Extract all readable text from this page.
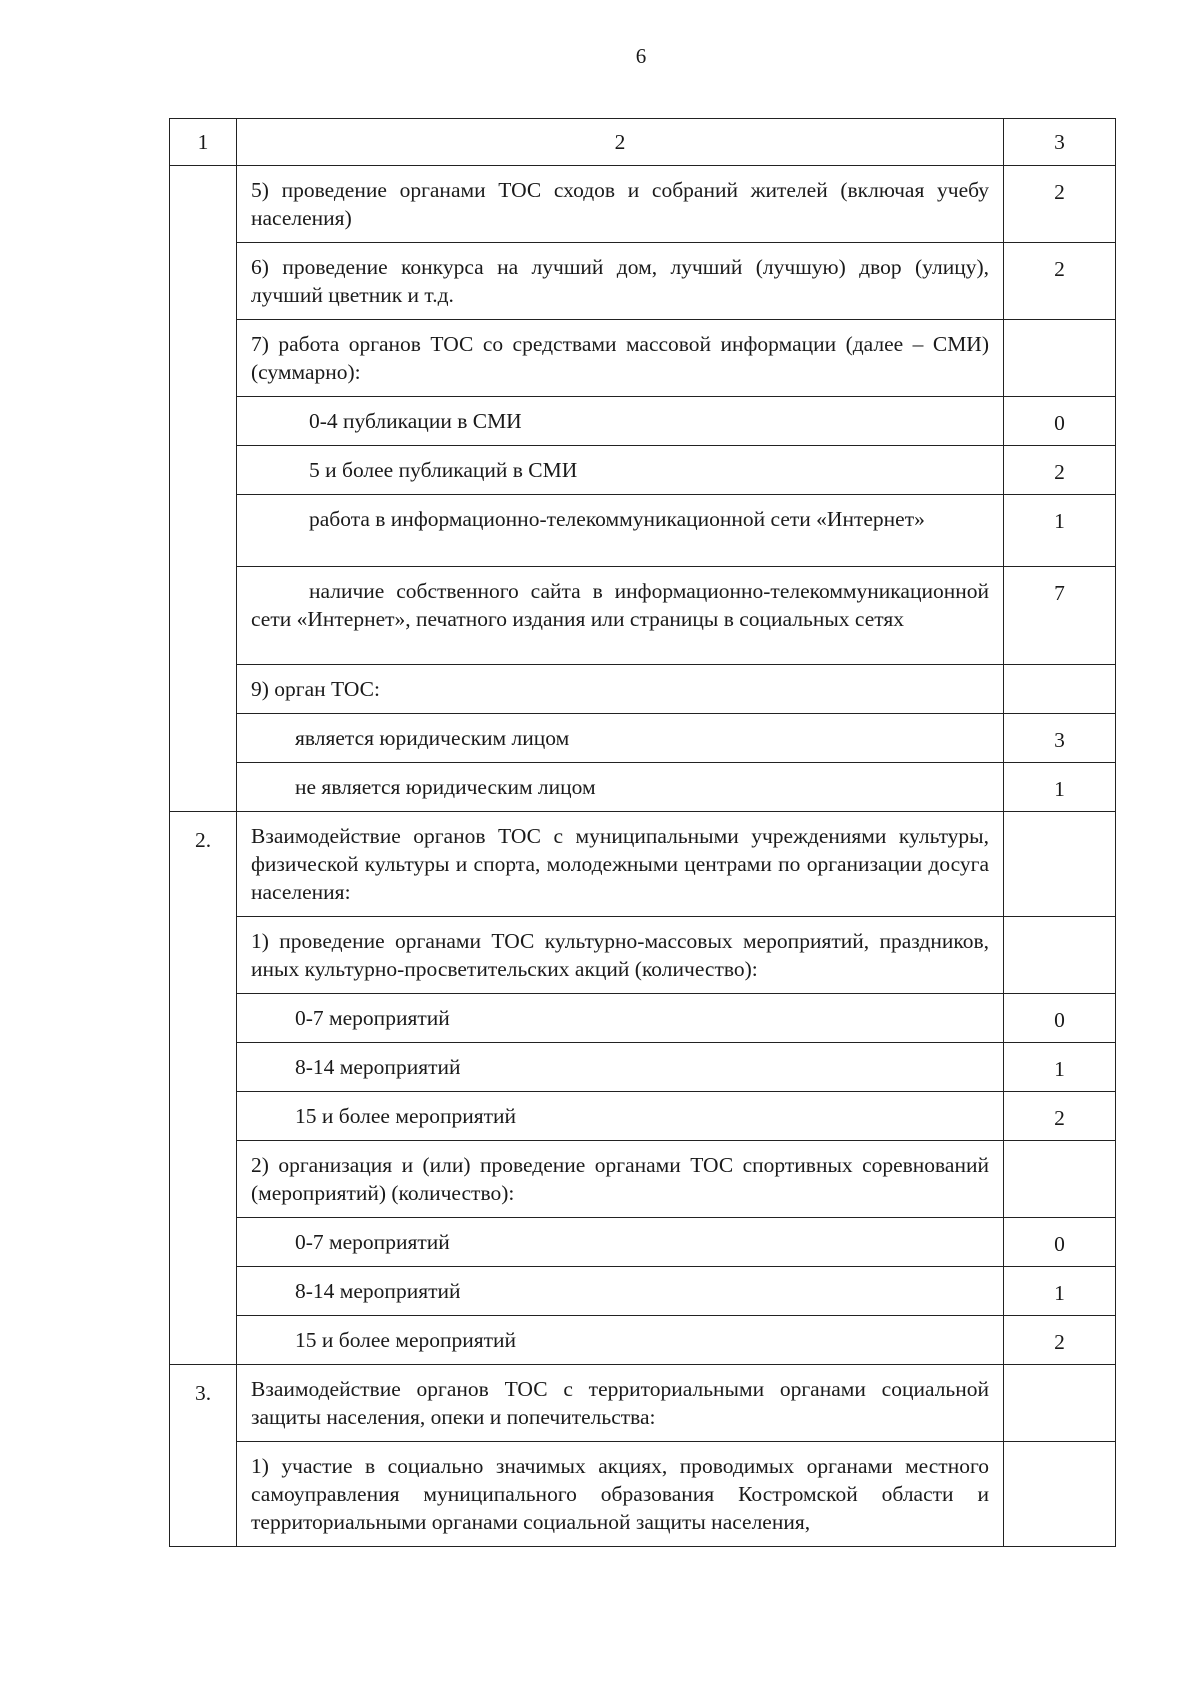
6
1	2	3
	5) проведение органами ТОС сходов и собраний жителей (включая учебу населения)	2
	6) проведение конкурса на лучший дом, лучший (лучшую) двор (улицу), лучший цветник и т.д.	2
	7) работа органов ТОС со средствами массовой информации (далее – СМИ) (суммарно):	
	0-4 публикации в СМИ	0
	5 и более публикаций в СМИ	2
	работа в информационно-телекоммуникационной сети «Интернет»	1
	наличие собственного сайта в информационно-телекоммуникационной сети «Интернет», печатного издания или страницы в социальных сетях	7
	9) орган ТОС:	
	является юридическим лицом	3
	не является юридическим лицом	1
2.	Взаимодействие органов ТОС с муниципальными учреждениями культуры, физической культуры и спорта, молодежными центрами по организации досуга населения:	
	1) проведение органами ТОС культурно-массовых мероприятий, праздников, иных культурно-просветительских акций (количество):	
	0-7 мероприятий	0
	8-14 мероприятий	1
	15 и более мероприятий	2
	2) организация и (или) проведение органами ТОС спортивных соревнований (мероприятий) (количество):	
	0-7 мероприятий	0
	8-14 мероприятий	1
	15 и более мероприятий	2
3.	Взаимодействие органов ТОС с территориальными органами социальной защиты населения, опеки и попечительства:	
	1) участие в социально значимых акциях, проводимых органами местного самоуправления муниципального образования Костромской области и территориальными органами социальной защиты населения,	
